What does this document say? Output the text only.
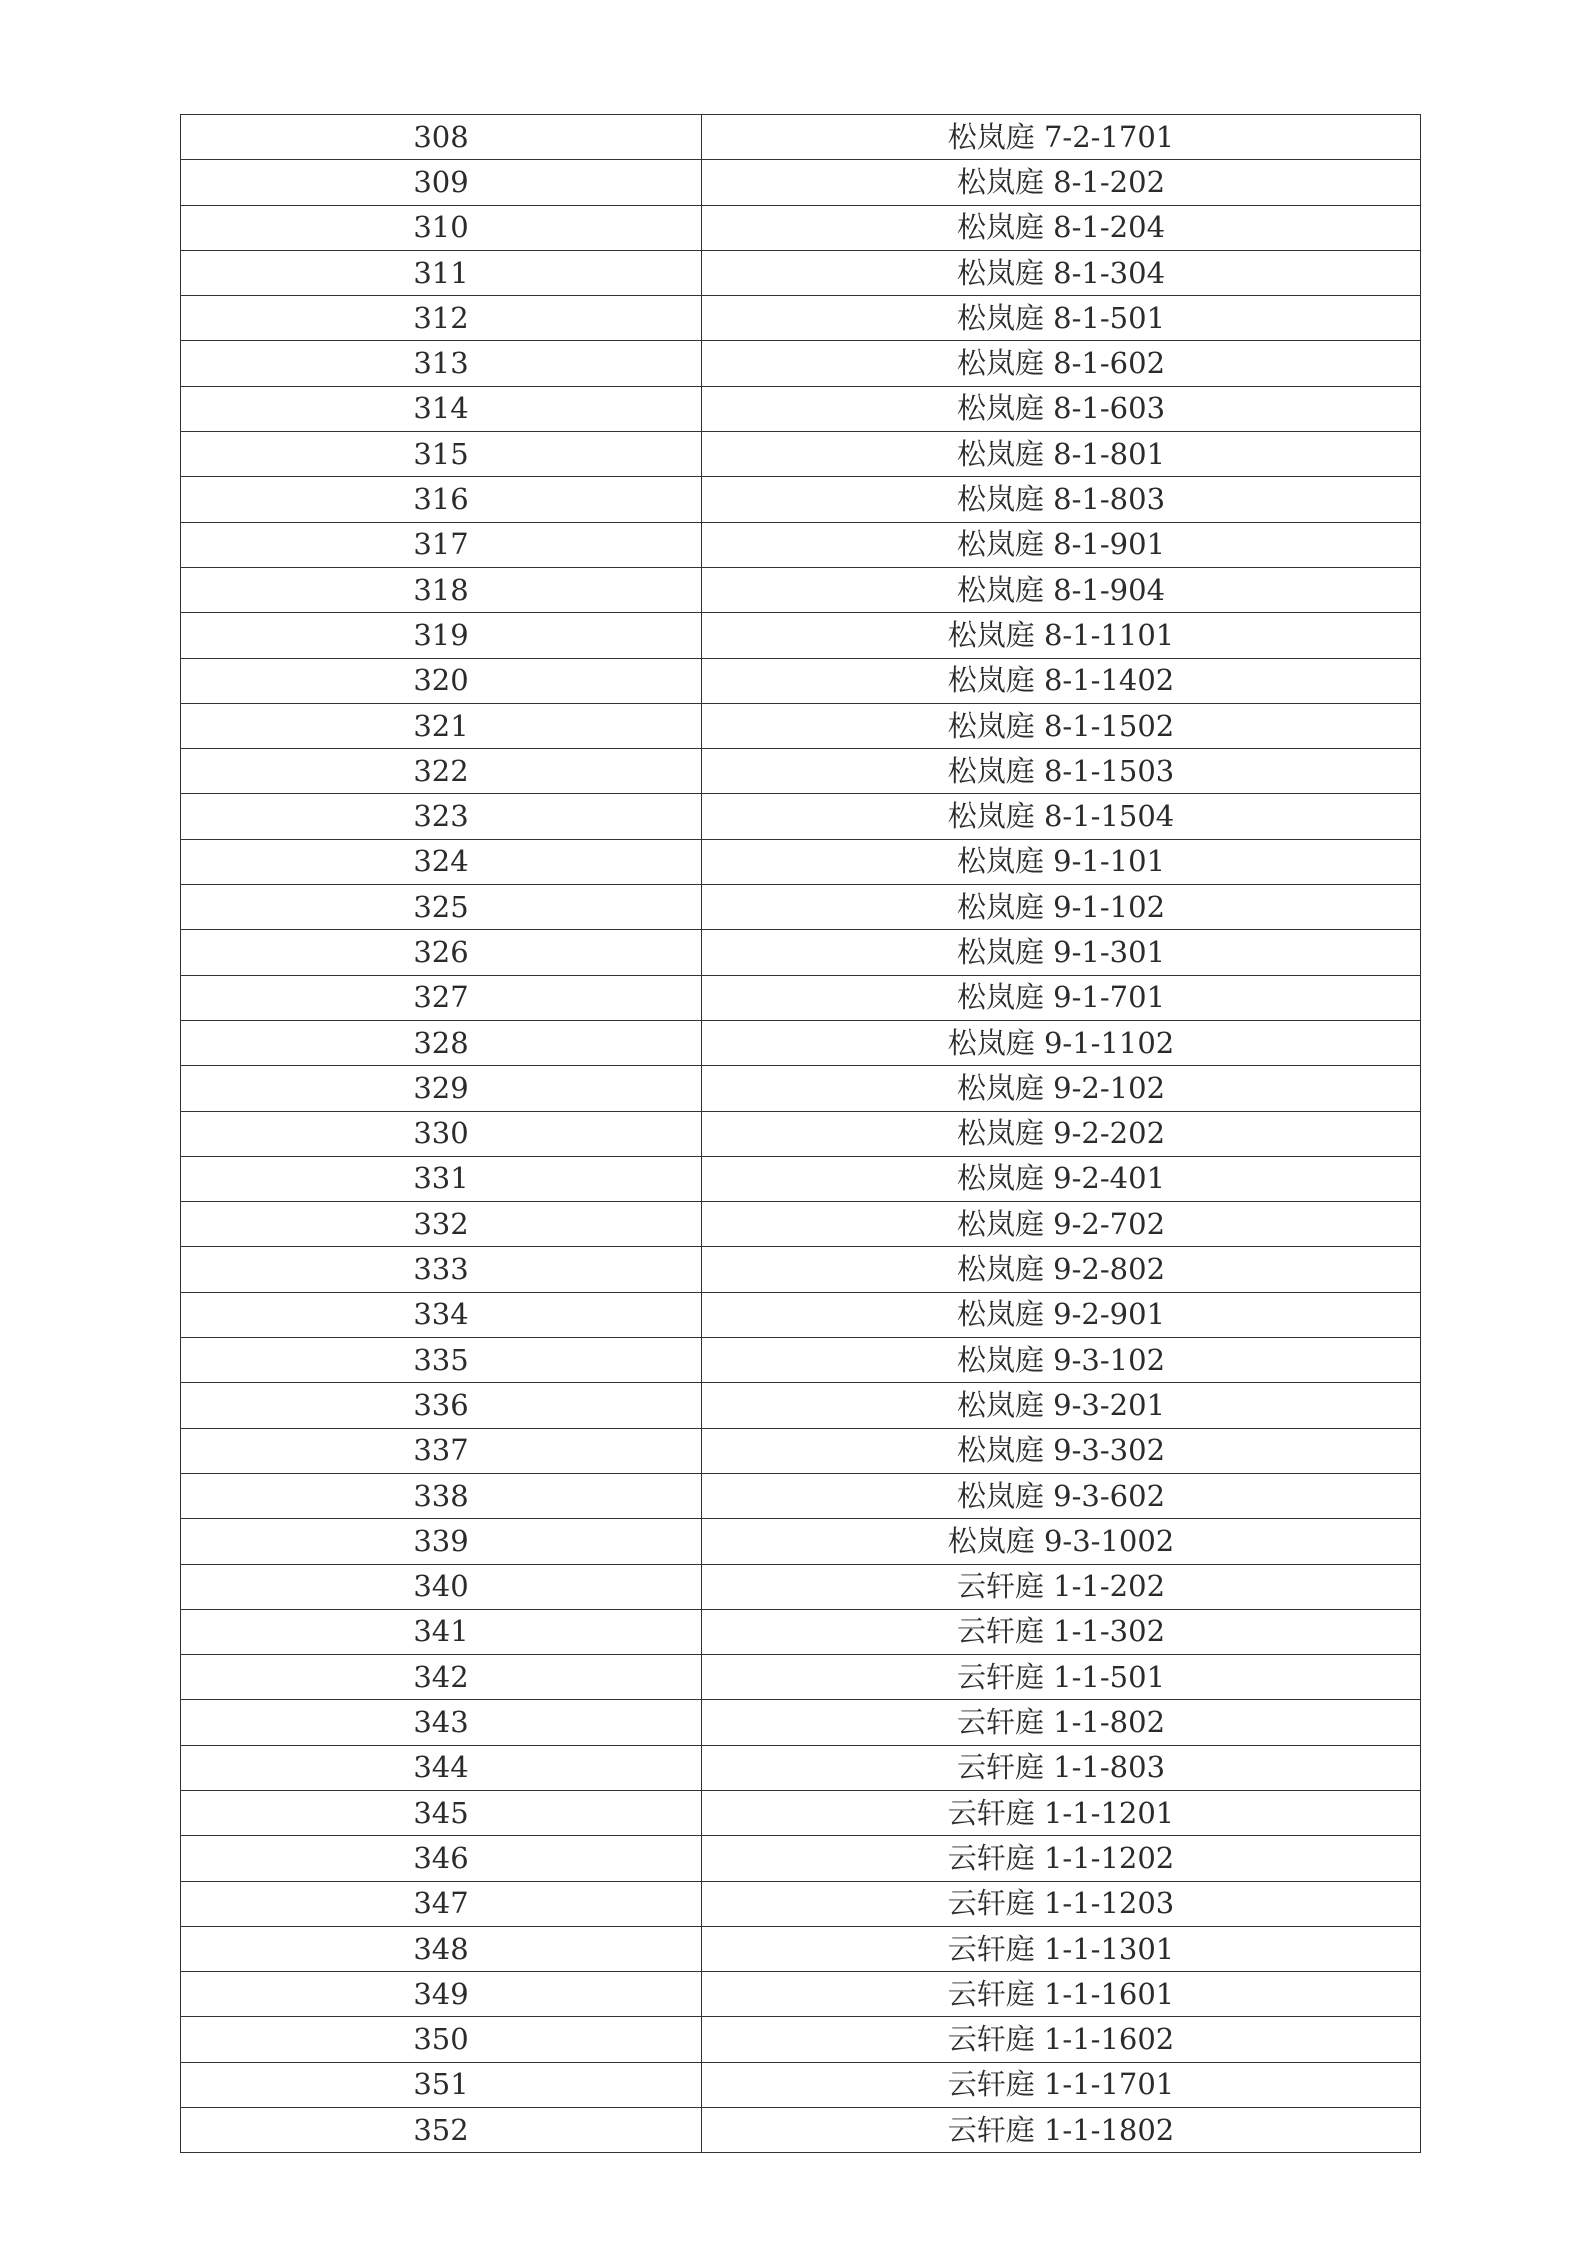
308	松岚庭 7-2-1701
309	松岚庭 8-1-202
310	松岚庭 8-1-204
311	松岚庭 8-1-304
312	松岚庭 8-1-501
313	松岚庭 8-1-602
314	松岚庭 8-1-603
315	松岚庭 8-1-801
316	松岚庭 8-1-803
317	松岚庭 8-1-901
318	松岚庭 8-1-904
319	松岚庭 8-1-1101
320	松岚庭 8-1-1402
321	松岚庭 8-1-1502
322	松岚庭 8-1-1503
323	松岚庭 8-1-1504
324	松岚庭 9-1-101
325	松岚庭 9-1-102
326	松岚庭 9-1-301
327	松岚庭 9-1-701
328	松岚庭 9-1-1102
329	松岚庭 9-2-102
330	松岚庭 9-2-202
331	松岚庭 9-2-401
332	松岚庭 9-2-702
333	松岚庭 9-2-802
334	松岚庭 9-2-901
335	松岚庭 9-3-102
336	松岚庭 9-3-201
337	松岚庭 9-3-302
338	松岚庭 9-3-602
339	松岚庭 9-3-1002
340	云轩庭 1-1-202
341	云轩庭 1-1-302
342	云轩庭 1-1-501
343	云轩庭 1-1-802
344	云轩庭 1-1-803
345	云轩庭 1-1-1201
346	云轩庭 1-1-1202
347	云轩庭 1-1-1203
348	云轩庭 1-1-1301
349	云轩庭 1-1-1601
350	云轩庭 1-1-1602
351	云轩庭 1-1-1701
352	云轩庭 1-1-1802
